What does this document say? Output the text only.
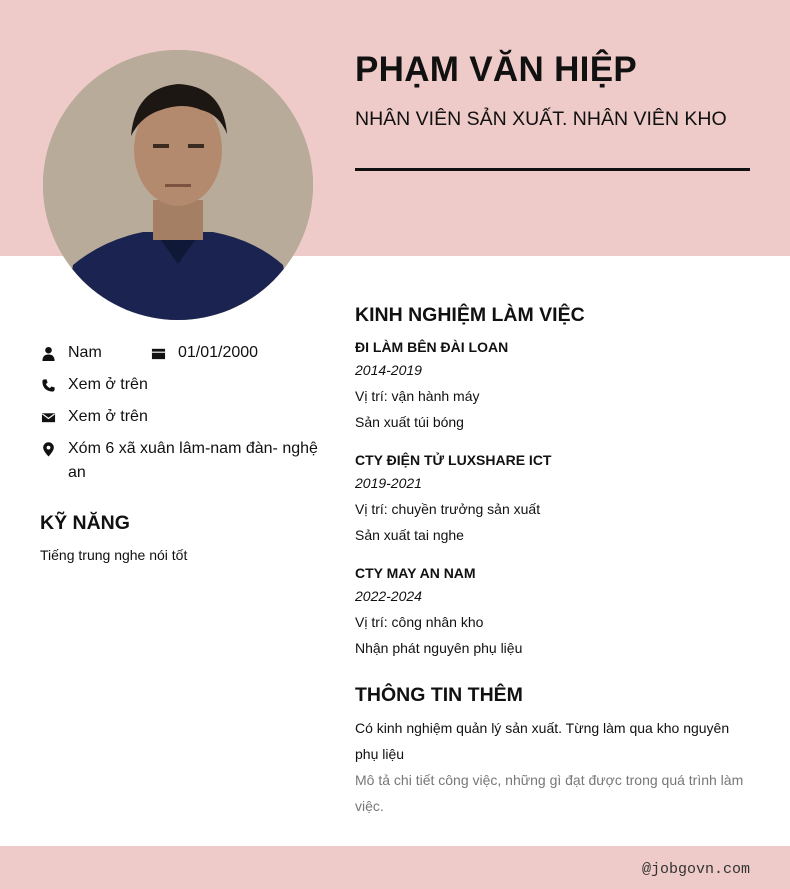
PHẠM VĂN HIỆP
NHÂN VIÊN SẢN XUẤT. NHÂN VIÊN KHO
Nam	01/01/2000
Xem ở trên
Xem ở trên
Xóm 6 xã xuân lâm-nam đàn- nghệ an
KỸ NĂNG
Tiếng trung nghe nói tốt
KINH NGHIỆM LÀM VIỆC
ĐI LÀM BÊN ĐÀI LOAN
2014-2019
Vị trí: vận hành máy
Sản xuất túi bóng
CTY ĐIỆN TỬ LUXSHARE ICT
2019-2021
Vị trí: chuyền trưởng sản xuất
Sản xuất tai nghe
CTY MAY AN NAM
2022-2024
Vị trí: công nhân kho
Nhận phát nguyên phụ liệu
THÔNG TIN THÊM
Có kinh nghiệm quản lý sản xuất. Từng làm qua kho nguyên phụ liệu
Mô tả chi tiết công việc, những gì đạt được trong quá trình làm việc.
@jobgovn.com
